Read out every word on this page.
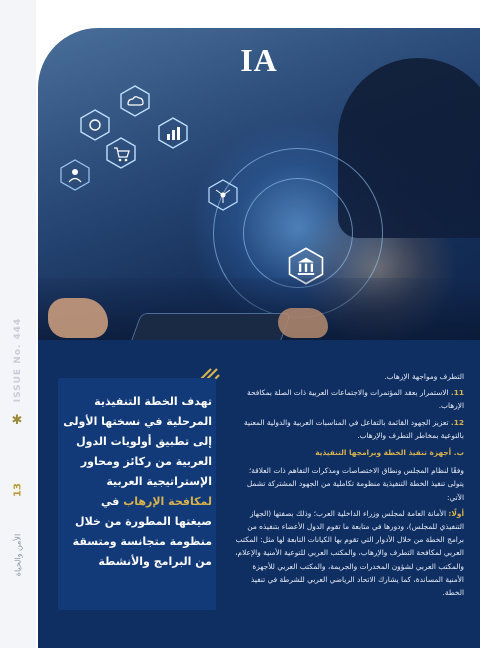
ISSUE No. 444
✱
13
الأمن والحياة
IA
تهدف الخطة التنفيذية المرحلية في نسختها الأولى إلى تطبيق أولويات الدول العربية من ركائز ومحاور الإستراتيجية العربية لمكافحة الإرهاب في صيغتها المطورة من خلال منظومة متجانسة ومتسقة من البرامج والأنشطة

التطرف ومواجهة الإرهاب.

11. الاستمرار بعقد المؤتمرات والاجتماعات العربية ذات الصلة بمكافحة الإرهاب.

12. تعزيز الجهود القائمة بالتفاعل في المناسبات العربية والدولية المعنية بالتوعية بمخاطر التطرف والإرهاب.

ب. أجهزة تنفيذ الخطة وبرامجها التنفيذية

وفقًا لنظام المجلس ونطاق الاختصاصات ومذكرات التفاهم ذات العلاقة؛ يتولى تنفيذ الخطة التنفيذية منظومة تكاملية من الجهود المشتركة تشمل الآتي:

أولًا: الأمانة العامة لمجلس وزراء الداخلية العرب؛ وذلك بصفتها (الجهاز التنفيذي للمجلس)، ودورها في متابعة ما تقوم الدول الأعضاء بتنفيذه من برامج الخطة من خلال الأدوار التي تقوم بها الكيانات التابعة لها مثل: المكتب العربي لمكافحة التطرف والإرهاب، والمكتب العربي للتوعية الأمنية والإعلام، والمكتب العربي لشؤون المخدرات والجريمة، والمكتب العربي للأجهزة الأمنية المساندة، كما يشارك الاتحاد الرياضي العربي للشرطة في تنفيذ الخطة.
